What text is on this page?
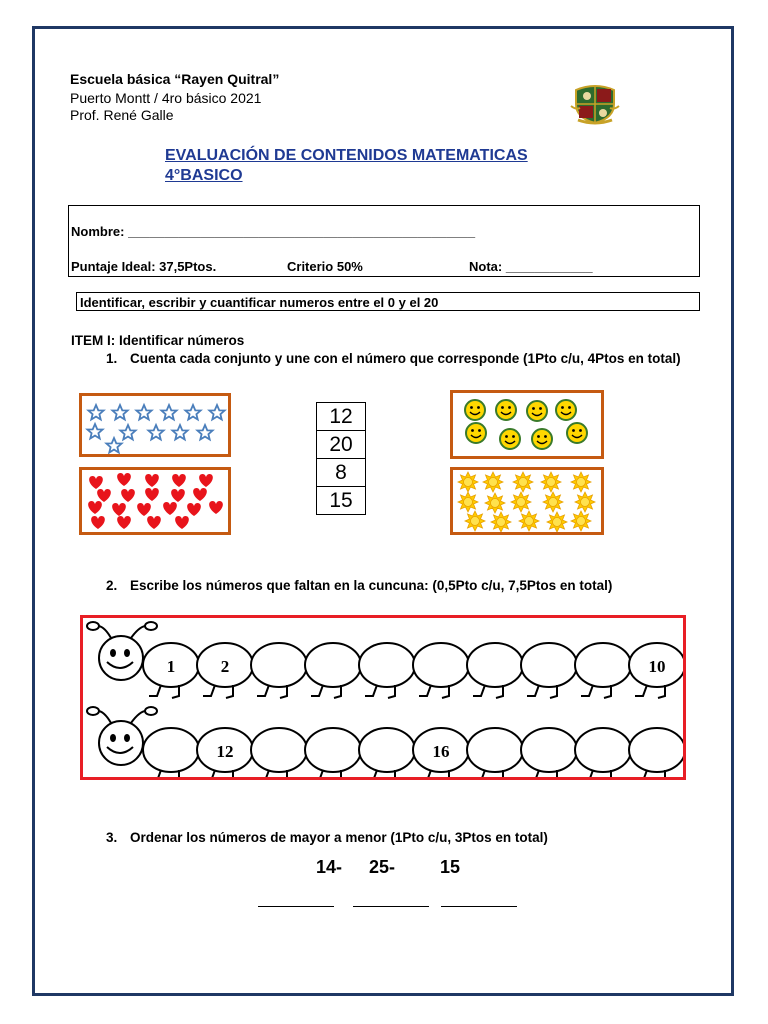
Escuela básica “Rayen Quitral”
Puerto Montt / 4ro básico 2021
Prof. René Galle
EVALUACIÓN DE CONTENIDOS MATEMATICAS
4°BASICO
Nombre: ________________________________________________
Puntaje Ideal: 37,5Ptos.	Criterio 50%	Nota: ____________
Identificar, escribir y cuantificar numeros entre el 0 y el 20
ITEM I: Identificar números
1. Cuenta cada conjunto y une con el número que corresponde (1Pto c/u, 4Ptos en total)
12
20
8
15
2. Escribe los números que faltan en la cuncuna: (0,5Pto c/u, 7,5Ptos en total)
1	2	10
12	16
3. Ordenar los números de mayor a menor (1Pto c/u, 3Ptos en total)
14-   25-     15
